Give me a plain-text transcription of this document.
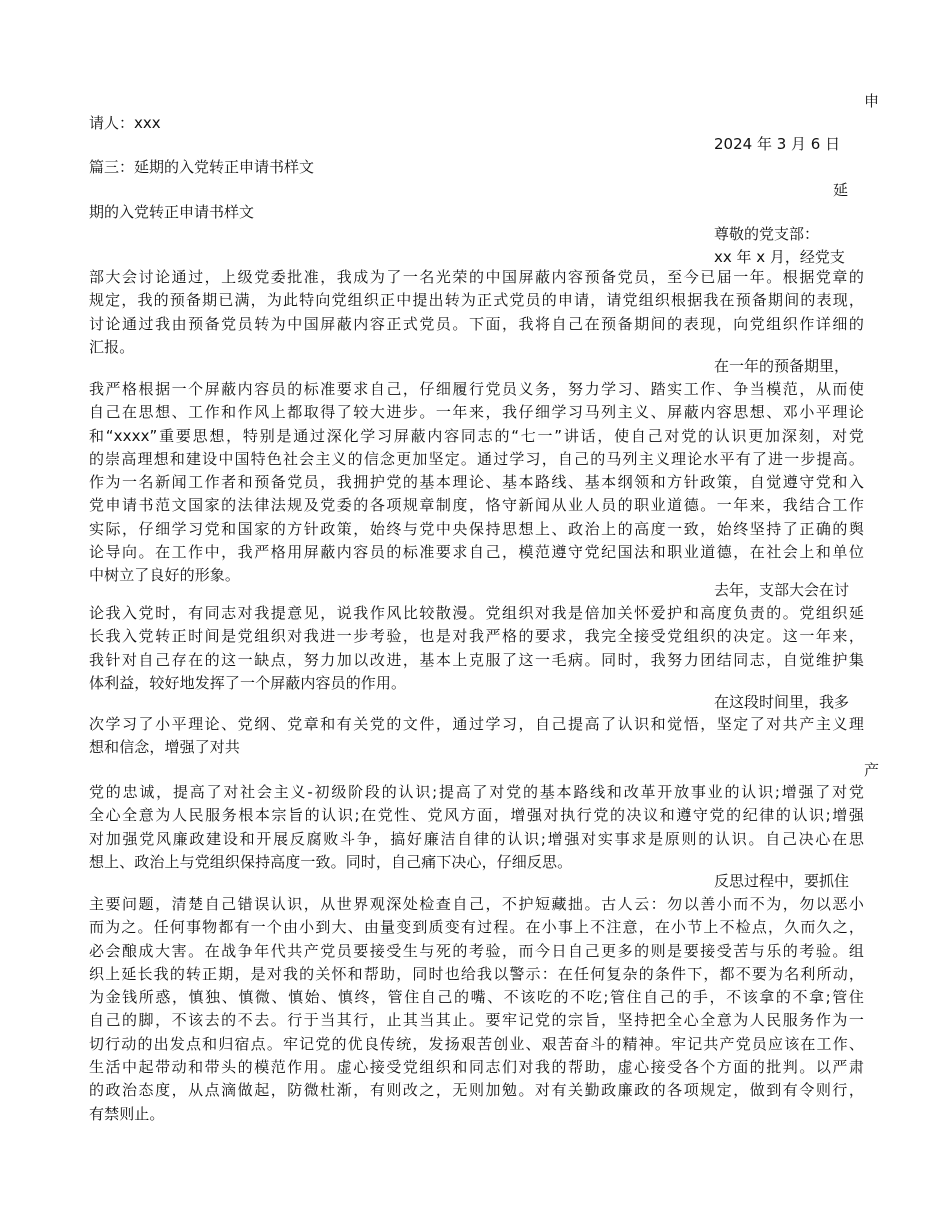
申
请人：xxx
2024 年 3 月 6 日
篇三：延期的入党转正申请书样文
延
期的入党转正申请书样文
尊敬的党支部：
xx 年 x 月，经党支
部大会讨论通过，上级党委批准，我成为了一名光荣的中国屏蔽内容预备党员，至今已届一年。根据党章的
规定，我的预备期已满，为此特向党组织正中提出转为正式党员的申请，请党组织根据我在预备期间的表现，
讨论通过我由预备党员转为中国屏蔽内容正式党员。下面，我将自己在预备期间的表现，向党组织作详细的
汇报。
在一年的预备期里，
我严格根据一个屏蔽内容员的标准要求自己，仔细履行党员义务，努力学习、踏实工作、争当模范，从而使
自己在思想、工作和作风上都取得了较大进步。一年来，我仔细学习马列主义、屏蔽内容思想、邓小平理论
和“xxxx”重要思想，特别是通过深化学习屏蔽内容同志的“七一”讲话，使自己对党的认识更加深刻，对党
的崇高理想和建设中国特色社会主义的信念更加坚定。通过学习，自己的马列主义理论水平有了进一步提高。
作为一名新闻工作者和预备党员，我拥护党的基本理论、基本路线、基本纲领和方针政策，自觉遵守党和入
党申请书范文国家的法律法规及党委的各项规章制度，恪守新闻从业人员的职业道德。一年来，我结合工作
实际，仔细学习党和国家的方针政策，始终与党中央保持思想上、政治上的高度一致，始终坚持了正确的舆
论导向。在工作中，我严格用屏蔽内容员的标准要求自己，模范遵守党纪国法和职业道德，在社会上和单位
中树立了良好的形象。
去年，支部大会在讨
论我入党时，有同志对我提意见，说我作风比较散漫。党组织对我是倍加关怀爱护和高度负责的。党组织延
长我入党转正时间是党组织对我进一步考验，也是对我严格的要求，我完全接受党组织的决定。这一年来，
我针对自己存在的这一缺点，努力加以改进，基本上克服了这一毛病。同时，我努力团结同志，自觉维护集
体利益，较好地发挥了一个屏蔽内容员的作用。
在这段时间里，我多
次学习了小平理论、党纲、党章和有关党的文件，通过学习，自己提高了认识和觉悟，坚定了对共产主义理
想和信念，增强了对共
产
党的忠诚，提高了对社会主义-初级阶段的认识;提高了对党的基本路线和改革开放事业的认识;增强了对党
全心全意为人民服务根本宗旨的认识;在党性、党风方面，增强对执行党的决议和遵守党的纪律的认识;增强
对加强党风廉政建设和开展反腐败斗争，搞好廉洁自律的认识;增强对实事求是原则的认识。自己决心在思
想上、政治上与党组织保持高度一致。同时，自己痛下决心，仔细反思。
反思过程中，要抓住
主要问题，清楚自己错误认识，从世界观深处检查自己，不护短藏拙。古人云：勿以善小而不为，勿以恶小
而为之。任何事物都有一个由小到大、由量变到质变有过程。在小事上不注意，在小节上不检点，久而久之，
必会酿成大害。在战争年代共产党员要接受生与死的考验，而今日自己更多的则是要接受苦与乐的考验。组
织上延长我的转正期，是对我的关怀和帮助，同时也给我以警示：在任何复杂的条件下，都不要为名利所动，
为金钱所惑，慎独、慎微、慎始、慎终，管住自己的嘴、不该吃的不吃;管住自己的手，不该拿的不拿;管住
自己的脚，不该去的不去。行于当其行，止其当其止。要牢记党的宗旨，坚持把全心全意为人民服务作为一
切行动的出发点和归宿点。牢记党的优良传统，发扬艰苦创业、艰苦奋斗的精神。牢记共产党员应该在工作、
生活中起带动和带头的模范作用。虚心接受党组织和同志们对我的帮助，虚心接受各个方面的批判。以严肃
的政治态度，从点滴做起，防微杜渐，有则改之，无则加勉。对有关勤政廉政的各项规定，做到有令则行，
有禁则止。
